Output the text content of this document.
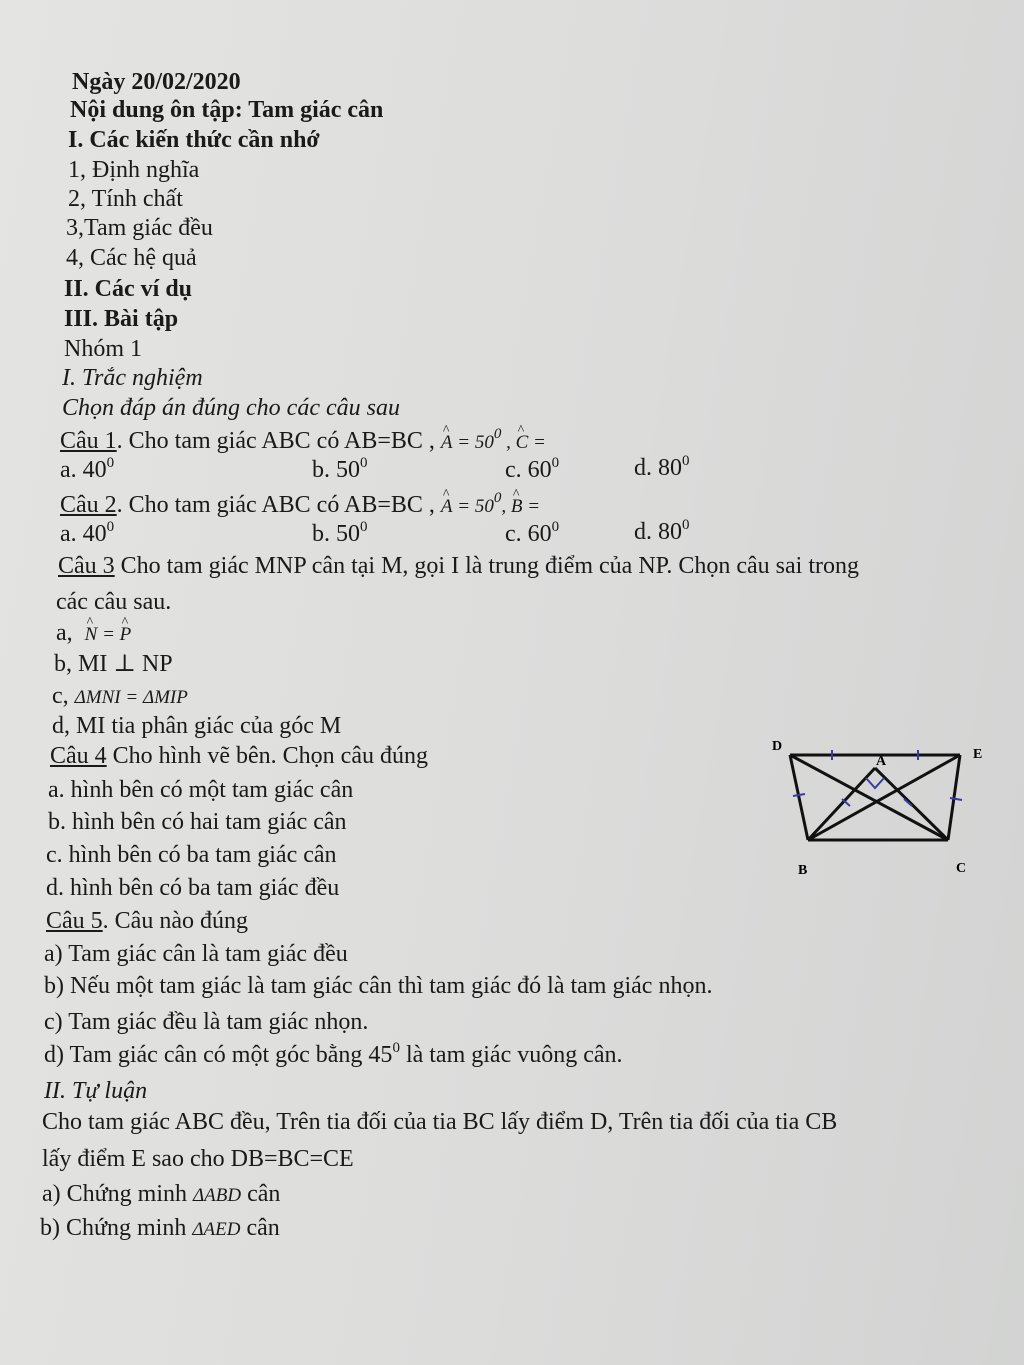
Ngày 20/02/2020
Nội dung ôn tập: Tam giác cân
I. Các kiến thức cần nhớ
1, Định nghĩa
2, Tính chất
3,Tam giác đều
4, Các hệ quả
II. Các ví dụ
III. Bài tập
Nhóm 1
I. Trắc nghiệm
Chọn đáp án đúng cho các câu sau
Câu 1. Cho tam giác ABC có AB=BC , ^ $A = 50^0$ , ^ C =
a. $40^0$	b. $50^0$	c. $60^0$	d. $80^0$
Câu 2. Cho tam giác ABC có AB=BC , ^ $A = 50^0$, ^ B =
a. $40^0$	b. $50^0$	c. $60^0$	d. $80^0$
Câu 3 Cho tam giác MNP cân tại M, gọi I là trung điểm của NP. Chọn câu sai trong
các câu sau.
a, ^ N = ^ P
b, MI ⊥ NP
c, ΔMNI = ΔMIP
d, MI tia phân giác của góc M
Câu 4 Cho hình vẽ bên. Chọn câu đúng
a. hình bên có một tam giác cân
b. hình bên có hai tam giác cân
c. hình bên có ba tam giác cân
d. hình bên có ba tam giác đều
D
A	E
B	C
Câu 5. Câu nào đúng
a) Tam giác cân là tam giác đều
b) Nếu một tam giác là tam giác cân thì tam giác đó là tam giác nhọn.
c) Tam giác đều là tam giác nhọn.
d) Tam giác cân có một góc bằng $45^0$ là tam giác vuông cân.
II. Tự luận
Cho tam giác ABC đều, Trên tia đối của tia BC lấy điểm D, Trên tia đối của tia CB
lấy điểm E sao cho DB=BC=CE
a) Chứng minh ΔABD cân
b) Chứng minh ΔAED cân
